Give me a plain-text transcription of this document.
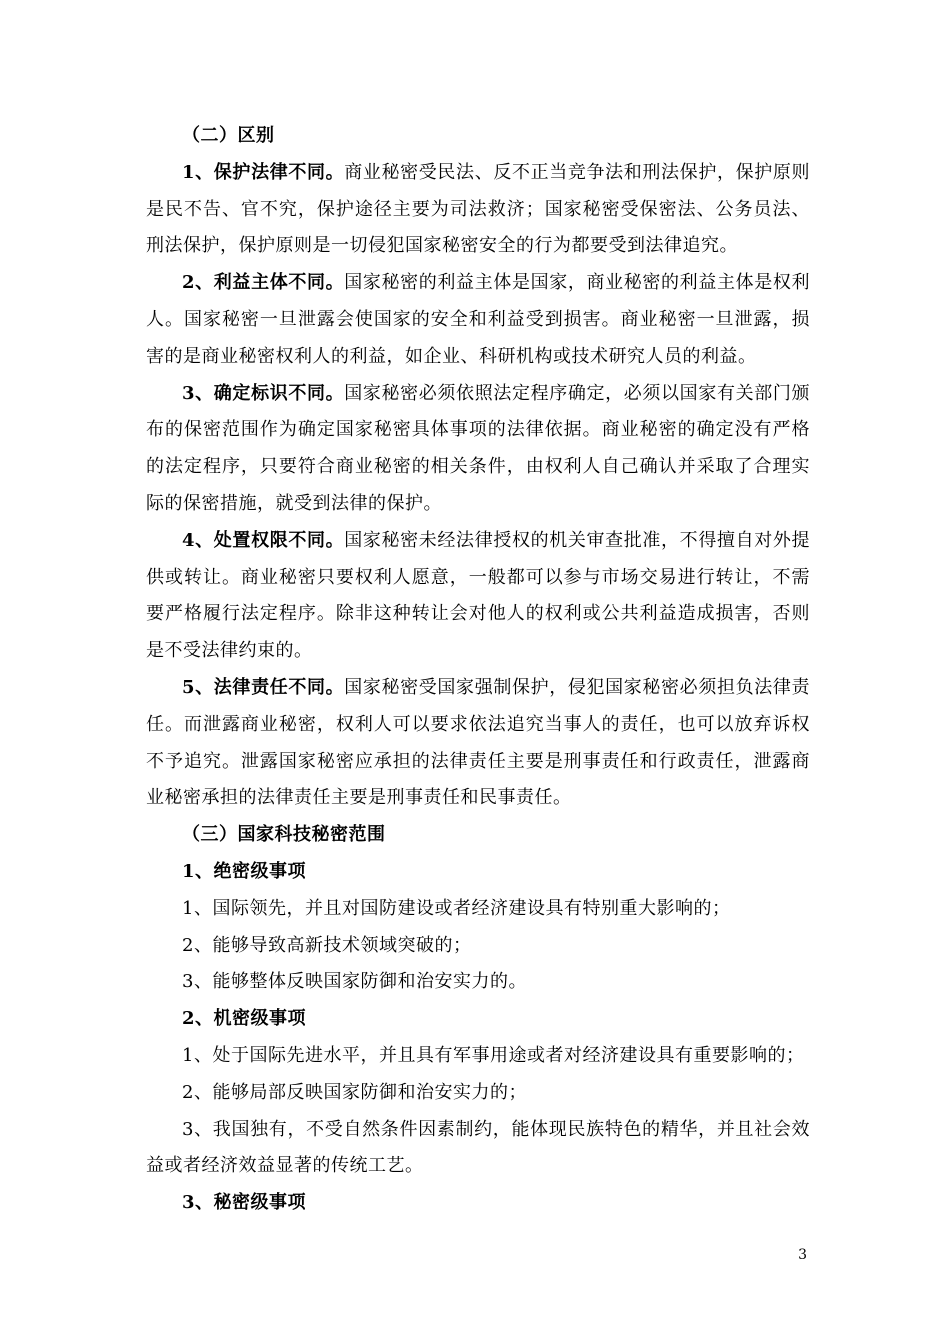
（二）区别

1、保护法律不同。商业秘密受民法、反不正当竞争法和刑法保护，保护原则是民不告、官不究，保护途径主要为司法救济；国家秘密受保密法、公务员法、刑法保护，保护原则是一切侵犯国家秘密安全的行为都要受到法律追究。

2、利益主体不同。国家秘密的利益主体是国家，商业秘密的利益主体是权利人。国家秘密一旦泄露会使国家的安全和利益受到损害。商业秘密一旦泄露，损害的是商业秘密权利人的利益，如企业、科研机构或技术研究人员的利益。

3、确定标识不同。国家秘密必须依照法定程序确定，必须以国家有关部门颁布的保密范围作为确定国家秘密具体事项的法律依据。商业秘密的确定没有严格的法定程序，只要符合商业秘密的相关条件，由权利人自己确认并采取了合理实际的保密措施，就受到法律的保护。

4、处置权限不同。国家秘密未经法律授权的机关审查批准，不得擅自对外提供或转让。商业秘密只要权利人愿意，一般都可以参与市场交易进行转让，不需要严格履行法定程序。除非这种转让会对他人的权利或公共利益造成损害，否则是不受法律约束的。

5、法律责任不同。国家秘密受国家强制保护，侵犯国家秘密必须担负法律责任。而泄露商业秘密，权利人可以要求依法追究当事人的责任，也可以放弃诉权不予追究。泄露国家秘密应承担的法律责任主要是刑事责任和行政责任，泄露商业秘密承担的法律责任主要是刑事责任和民事责任。

（三）国家科技秘密范围

1、绝密级事项

1、国际领先，并且对国防建设或者经济建设具有特别重大影响的；

2、能够导致高新技术领域突破的；

3、能够整体反映国家防御和治安实力的。

2、机密级事项

1、处于国际先进水平，并且具有军事用途或者对经济建设具有重要影响的；

2、能够局部反映国家防御和治安实力的；

3、我国独有，不受自然条件因素制约，能体现民族特色的精华，并且社会效益或者经济效益显著的传统工艺。

3、秘密级事项

3
